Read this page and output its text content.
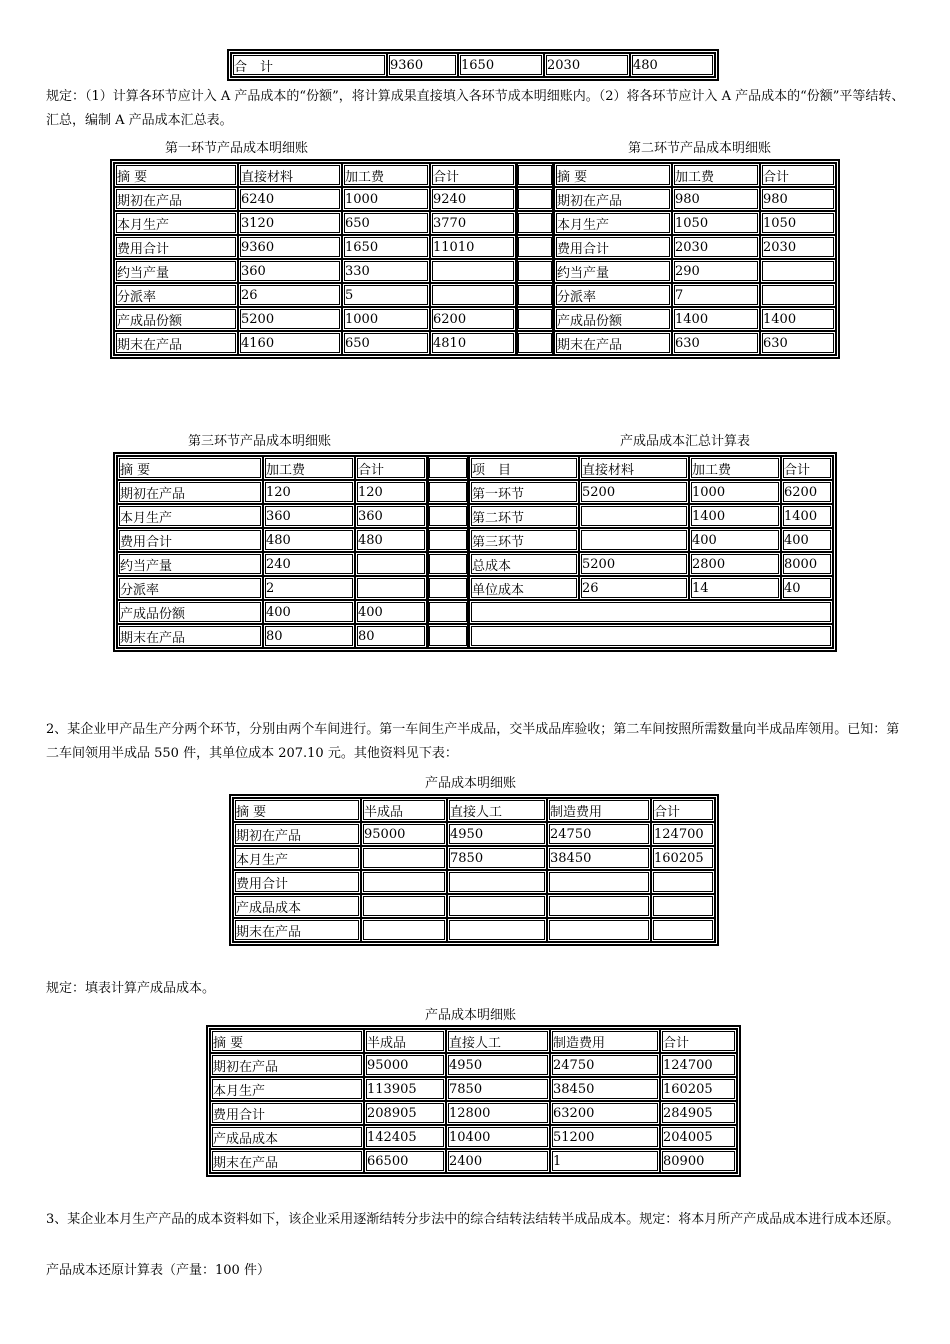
合　计	9360	1650	2030	480
规定：（1）计算各环节应计入 A 产品成本的“份额”，将计算成果直接填入各环节成本明细账内。（2）将各环节应计入 A 产品成本的“份额”平等结转、汇总，编制 A 产品成本汇总表。
第一环节产品成本明细账	第二环节产品成本明细账
摘 要	直接材料	加工费	合计		摘 要	加工费	合计
期初在产品	6240	1000	9240		期初在产品	980	980
本月生产	3120	650	3770		本月生产	1050	1050
费用合计	9360	1650	11010		费用合计	2030	2030
约当产量	360	330			约当产量	290	
分派率	26	5			分派率	7	
产成品份额	5200	1000	6200		产成品份额	1400	1400
期末在产品	4160	650	4810		期末在产品	630	630
第三环节产品成本明细账	产成品成本汇总计算表
摘 要	加工费	合计		项　目	直接材料	加工费	合计
期初在产品	120	120		第一环节	5200	1000	6200
本月生产	360	360		第二环节		1400	1400
费用合计	480	480		第三环节		400	400
约当产量	240			总成本	5200	2800	8000
分派率	2			单位成本	26	14	40
产成品份额	400	400					
期末在产品	80	80					
2、某企业甲产品生产分两个环节，分别由两个车间进行。第一车间生产半成品，交半成品库验收；第二车间按照所需数量向半成品库领用。已知：第二车间领用半成品 550 件，其单位成本 207.10 元。其他资料见下表：
产品成本明细账
摘 要	半成品	直接人工	制造费用	合计
期初在产品	95000	4950	24750	124700
本月生产		7850	38450	160205
费用合计				
产成品成本				
期末在产品				
规定：填表计算产成品成本。
产品成本明细账
摘 要	半成品	直接人工	制造费用	合计
期初在产品	95000	4950	24750	124700
本月生产	113905	7850	38450	160205
费用合计	208905	12800	63200	284905
产成品成本	142405	10400	51200	204005
期末在产品	66500	2400	1	80900
3、某企业本月生产产品的成本资料如下，该企业采用逐渐结转分步法中的综合结转法结转半成品成本。规定：将本月所产产成品成本进行成本还原。
产品成本还原计算表（产量：100 件）
